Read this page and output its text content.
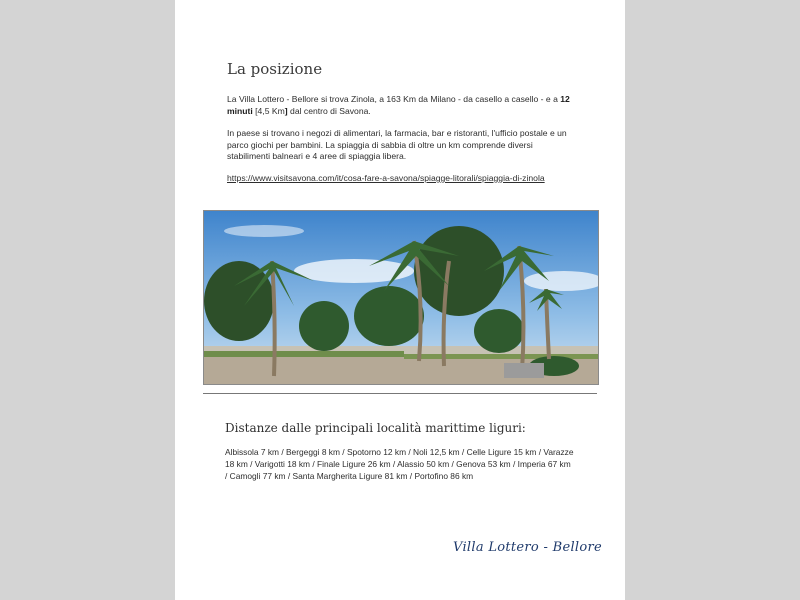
La posizione
La Villa Lottero - Bellore si trova Zinola, a 163 Km da Milano - da casello a casello - e a 12 minuti [4,5 Km] dal centro di Savona.
In paese si trovano i negozi di alimentari, la farmacia, bar e ristoranti, l'ufficio postale e un parco giochi per bambini. La spiaggia di sabbia di oltre un km comprende diversi stabilimenti balneari e 4 aree di spiaggia libera.
https://www.visitsavona.com/it/cosa-fare-a-savona/spiagge-litorali/spiaggia-di-zinola
Distanze dalle principali località marittime liguri:
Albissola 7 km / Bergeggi 8 km / Spotorno 12 km / Noli 12,5 km / Celle Ligure 15 km / Varazze 18 km / Varigotti 18 km / Finale Ligure 26 km / Alassio 50 km / Genova 53 km / Imperia 67 km / Camogli 77 km / Santa Margherita Ligure 81 km / Portofino 86 km
Villa Lottero - Bellore
